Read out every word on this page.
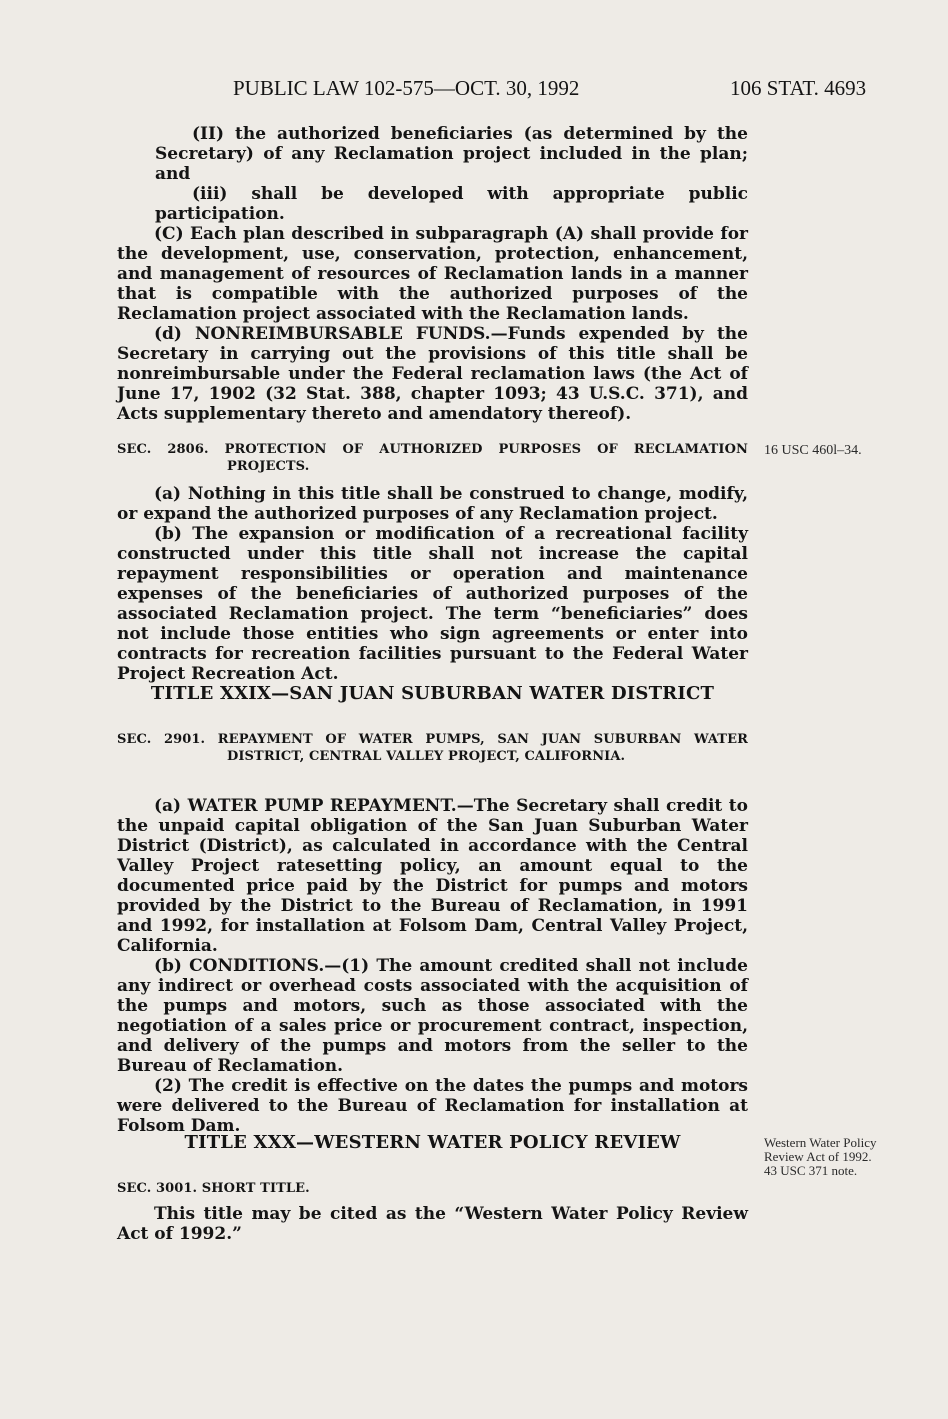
PUBLIC LAW 102-575—OCT. 30, 1992	106 STAT. 4693

(II) the authorized beneficiaries (as determined by the Secretary) of any Reclamation project included in the plan; and

(iii) shall be developed with appropriate public participation.

(C) Each plan described in subparagraph (A) shall provide for the development, use, conservation, protection, enhancement, and management of resources of Reclamation lands in a manner that is compatible with the authorized purposes of the Reclamation project associated with the Reclamation lands.

(d) NONREIMBURSABLE FUNDS.—Funds expended by the Secretary in carrying out the provisions of this title shall be nonreimbursable under the Federal reclamation laws (the Act of June 17, 1902 (32 Stat. 388, chapter 1093; 43 U.S.C. 371), and Acts supplementary thereto and amendatory thereof).

SEC. 2806. PROTECTION OF AUTHORIZED PURPOSES OF RECLAMATION PROJECTS.

16 USC 460l–34.

(a) Nothing in this title shall be construed to change, modify, or expand the authorized purposes of any Reclamation project.

(b) The expansion or modification of a recreational facility constructed under this title shall not increase the capital repayment responsibilities or operation and maintenance expenses of the beneficiaries of authorized purposes of the associated Reclamation project. The term “beneficiaries” does not include those entities who sign agreements or enter into contracts for recreation facilities pursuant to the Federal Water Project Recreation Act.

TITLE XXIX—SAN JUAN SUBURBAN WATER DISTRICT

SEC. 2901. REPAYMENT OF WATER PUMPS, SAN JUAN SUBURBAN WATER DISTRICT, CENTRAL VALLEY PROJECT, CALIFORNIA.

(a) WATER PUMP REPAYMENT.—The Secretary shall credit to the unpaid capital obligation of the San Juan Suburban Water District (District), as calculated in accordance with the Central Valley Project ratesetting policy, an amount equal to the documented price paid by the District for pumps and motors provided by the District to the Bureau of Reclamation, in 1991 and 1992, for installation at Folsom Dam, Central Valley Project, California.

(b) CONDITIONS.—(1) The amount credited shall not include any indirect or overhead costs associated with the acquisition of the pumps and motors, such as those associated with the negotiation of a sales price or procurement contract, inspection, and delivery of the pumps and motors from the seller to the Bureau of Reclamation.

(2) The credit is effective on the dates the pumps and motors were delivered to the Bureau of Reclamation for installation at Folsom Dam.

TITLE XXX—WESTERN WATER POLICY REVIEW	Western Water Policy Review Act of 1992. 43 USC 371 note.

SEC. 3001. SHORT TITLE.

This title may be cited as the “Western Water Policy Review Act of 1992.”
